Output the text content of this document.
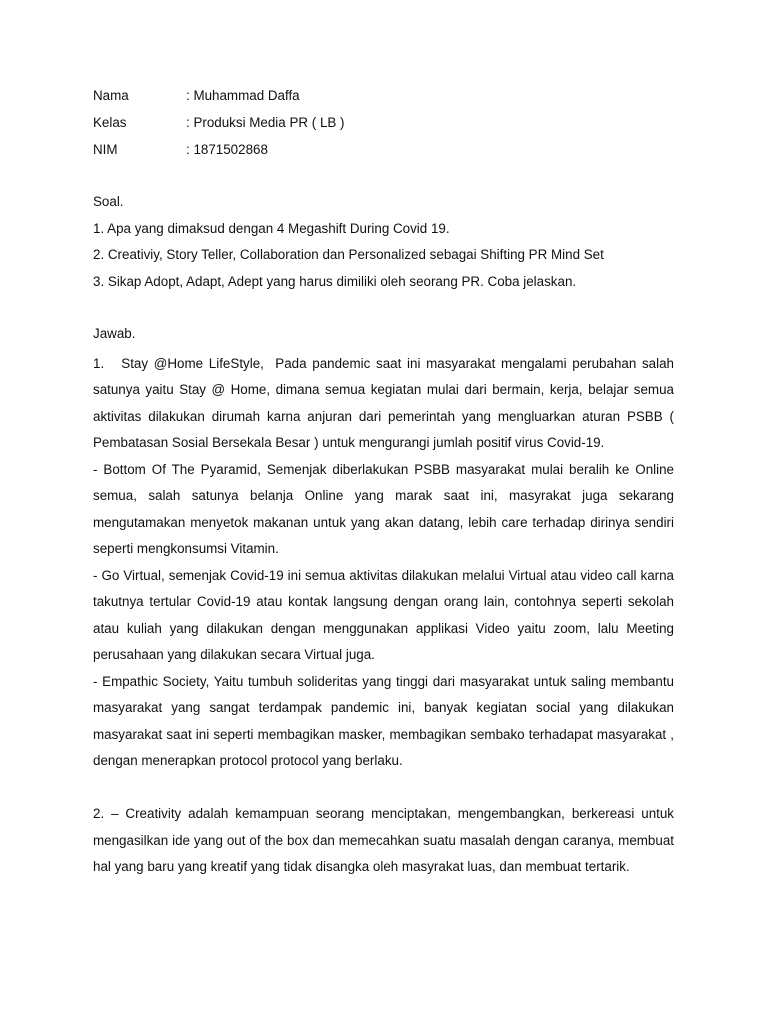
Nama	: Muhammad Daffa
Kelas	: Produksi Media PR ( LB )
NIM	: 1871502868
Soal.
1. Apa yang dimaksud dengan 4 Megashift During Covid 19.
2. Creativiy, Story Teller, Collaboration dan Personalized sebagai Shifting PR Mind Set
3. Sikap Adopt, Adapt, Adept yang harus dimiliki oleh seorang PR. Coba jelaskan.
Jawab.

1.   Stay @Home LifeStyle,  Pada pandemic saat ini masyarakat mengalami perubahan salah satunya yaitu Stay @ Home, dimana semua kegiatan mulai dari bermain, kerja, belajar semua aktivitas dilakukan dirumah karna anjuran dari pemerintah yang mengluarkan aturan PSBB ( Pembatasan Sosial Bersekala Besar ) untuk mengurangi jumlah positif virus Covid-19.

- Bottom Of The Pyaramid, Semenjak diberlakukan PSBB masyarakat mulai beralih ke Online semua, salah satunya belanja Online yang marak saat ini, masyrakat juga sekarang mengutamakan menyetok makanan untuk yang akan datang, lebih care terhadap dirinya sendiri seperti mengkonsumsi Vitamin.

- Go Virtual, semenjak Covid-19 ini semua aktivitas dilakukan melalui Virtual atau video call karna takutnya tertular Covid-19 atau kontak langsung dengan orang lain, contohnya seperti sekolah atau kuliah yang dilakukan dengan menggunakan applikasi Video yaitu zoom, lalu Meeting perusahaan yang dilakukan secara Virtual juga.

- Empathic Society, Yaitu tumbuh solideritas yang tinggi dari masyarakat untuk saling membantu masyarakat yang sangat terdampak pandemic ini, banyak kegiatan social yang dilakukan masyarakat saat ini seperti membagikan masker, membagikan sembako terhadapat masyarakat , dengan menerapkan protocol protocol yang berlaku.

2. – Creativity adalah kemampuan seorang menciptakan, mengembangkan, berkereasi untuk mengasilkan ide yang out of the box dan memecahkan suatu masalah dengan caranya, membuat hal yang baru yang kreatif yang tidak disangka oleh masyrakat luas, dan membuat tertarik.
